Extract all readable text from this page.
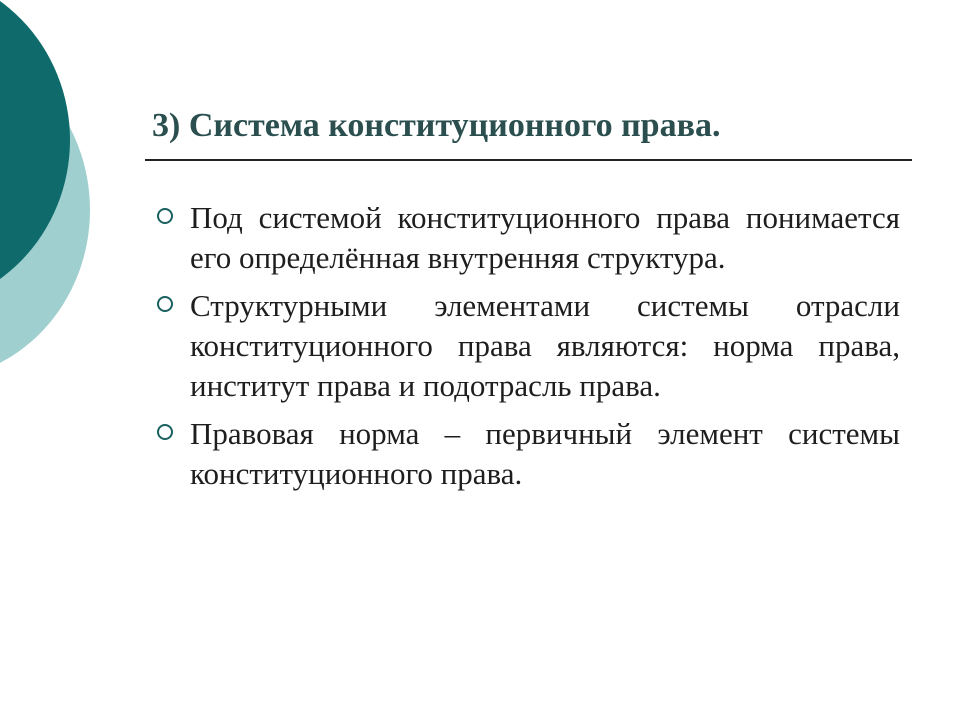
3) Система конституционного права.
Под системой конституционного права понимается его определённая внутренняя структура.
Структурными элементами системы отрасли конституционного права являются: норма права, институт права и подотрасль права.
Правовая норма – первичный элемент системы конституционного права.
